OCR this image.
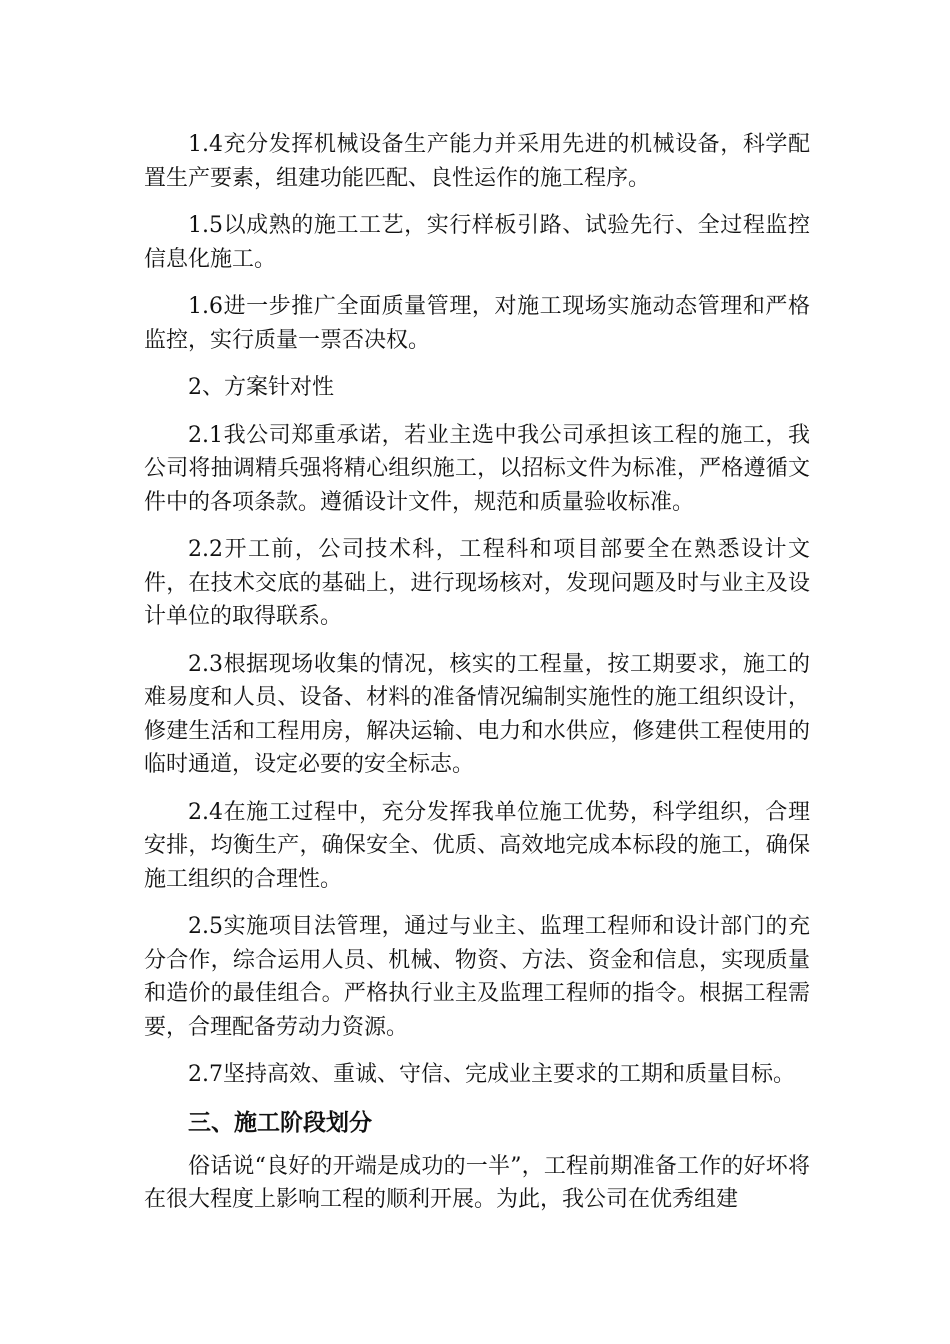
1.4充分发挥机械设备生产能力并采用先进的机械设备，科学配置生产要素，组建功能匹配、良性运作的施工程序。

1.5以成熟的施工工艺，实行样板引路、试验先行、全过程监控信息化施工。

1.6进一步推广全面质量管理，对施工现场实施动态管理和严格监控，实行质量一票否决权。

2、方案针对性

2.1我公司郑重承诺，若业主选中我公司承担该工程的施工，我公司将抽调精兵强将精心组织施工，以招标文件为标准，严格遵循文件中的各项条款。遵循设计文件，规范和质量验收标准。

2.2开工前，公司技术科，工程科和项目部要全在熟悉设计文件，在技术交底的基础上，进行现场核对，发现问题及时与业主及设计单位的取得联系。

2.3根据现场收集的情况，核实的工程量，按工期要求，施工的难易度和人员、设备、材料的准备情况编制实施性的施工组织设计，修建生活和工程用房，解决运输、电力和水供应，修建供工程使用的临时通道，设定必要的安全标志。

2.4在施工过程中，充分发挥我单位施工优势，科学组织，合理安排，均衡生产，确保安全、优质、高效地完成本标段的施工，确保施工组织的合理性。

2.5实施项目法管理，通过与业主、监理工程师和设计部门的充分合作，综合运用人员、机械、物资、方法、资金和信息，实现质量和造价的最佳组合。严格执行业主及监理工程师的指令。根据工程需要，合理配备劳动力资源。

2.7坚持高效、重诚、守信、完成业主要求的工期和质量目标。

三、施工阶段划分

俗话说“良好的开端是成功的一半”，工程前期准备工作的好坏将在很大程度上影响工程的顺利开展。为此，我公司在优秀组建
